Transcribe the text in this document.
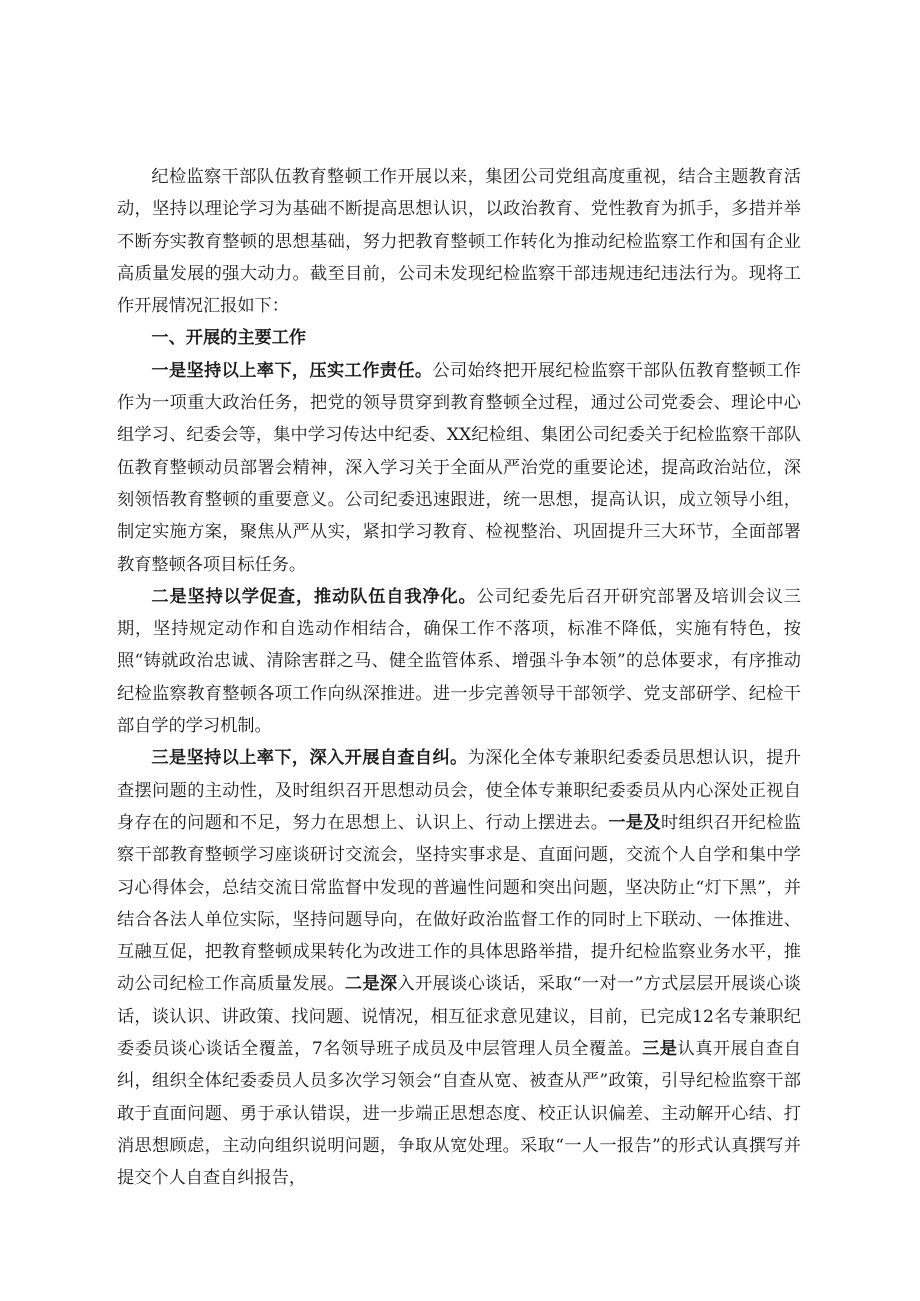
纪检监察干部队伍教育整顿工作开展以来，集团公司党组高度重视，结合主题教育活动，坚持以理论学习为基础不断提高思想认识，以政治教育、党性教育为抓手，多措并举不断夯实教育整顿的思想基础，努力把教育整顿工作转化为推动纪检监察工作和国有企业高质量发展的强大动力。截至目前，公司未发现纪检监察干部违规违纪违法行为。现将工作开展情况汇报如下：

一、开展的主要工作

一是坚持以上率下，压实工作责任。公司始终把开展纪检监察干部队伍教育整顿工作作为一项重大政治任务，把党的领导贯穿到教育整顿全过程，通过公司党委会、理论中心组学习、纪委会等，集中学习传达中纪委、XX纪检组、集团公司纪委关于纪检监察干部队伍教育整顿动员部署会精神，深入学习关于全面从严治党的重要论述，提高政治站位，深刻领悟教育整顿的重要意义。公司纪委迅速跟进，统一思想，提高认识，成立领导小组，制定实施方案，聚焦从严从实，紧扣学习教育、检视整治、巩固提升三大环节，全面部署教育整顿各项目标任务。

二是坚持以学促查，推动队伍自我净化。公司纪委先后召开研究部署及培训会议三期，坚持规定动作和自选动作相结合，确保工作不落项，标准不降低，实施有特色，按照“铸就政治忠诚、清除害群之马、健全监管体系、增强斗争本领”的总体要求，有序推动纪检监察教育整顿各项工作向纵深推进。进一步完善领导干部领学、党支部研学、纪检干部自学的学习机制。

三是坚持以上率下，深入开展自查自纠。为深化全体专兼职纪委委员思想认识，提升查摆问题的主动性，及时组织召开思想动员会，使全体专兼职纪委委员从内心深处正视自身存在的问题和不足，努力在思想上、认识上、行动上摆进去。一是及时组织召开纪检监察干部教育整顿学习座谈研讨交流会，坚持实事求是、直面问题，交流个人自学和集中学习心得体会，总结交流日常监督中发现的普遍性问题和突出问题，坚决防止“灯下黑”，并结合各法人单位实际，坚持问题导向，在做好政治监督工作的同时上下联动、一体推进、互融互促，把教育整顿成果转化为改进工作的具体思路举措，提升纪检监察业务水平，推动公司纪检工作高质量发展。二是深入开展谈心谈话，采取“一对一”方式层层开展谈心谈话，谈认识、讲政策、找问题、说情况，相互征求意见建议，目前，已完成12名专兼职纪委委员谈心谈话全覆盖，7名领导班子成员及中层管理人员全覆盖。三是认真开展自查自纠，组织全体纪委委员人员多次学习领会“自查从宽、被查从严”政策，引导纪检监察干部敢于直面问题、勇于承认错误，进一步端正思想态度、校正认识偏差、主动解开心结、打消思想顾虑，主动向组织说明问题，争取从宽处理。采取“一人一报告”的形式认真撰写并提交个人自查自纠报告，
